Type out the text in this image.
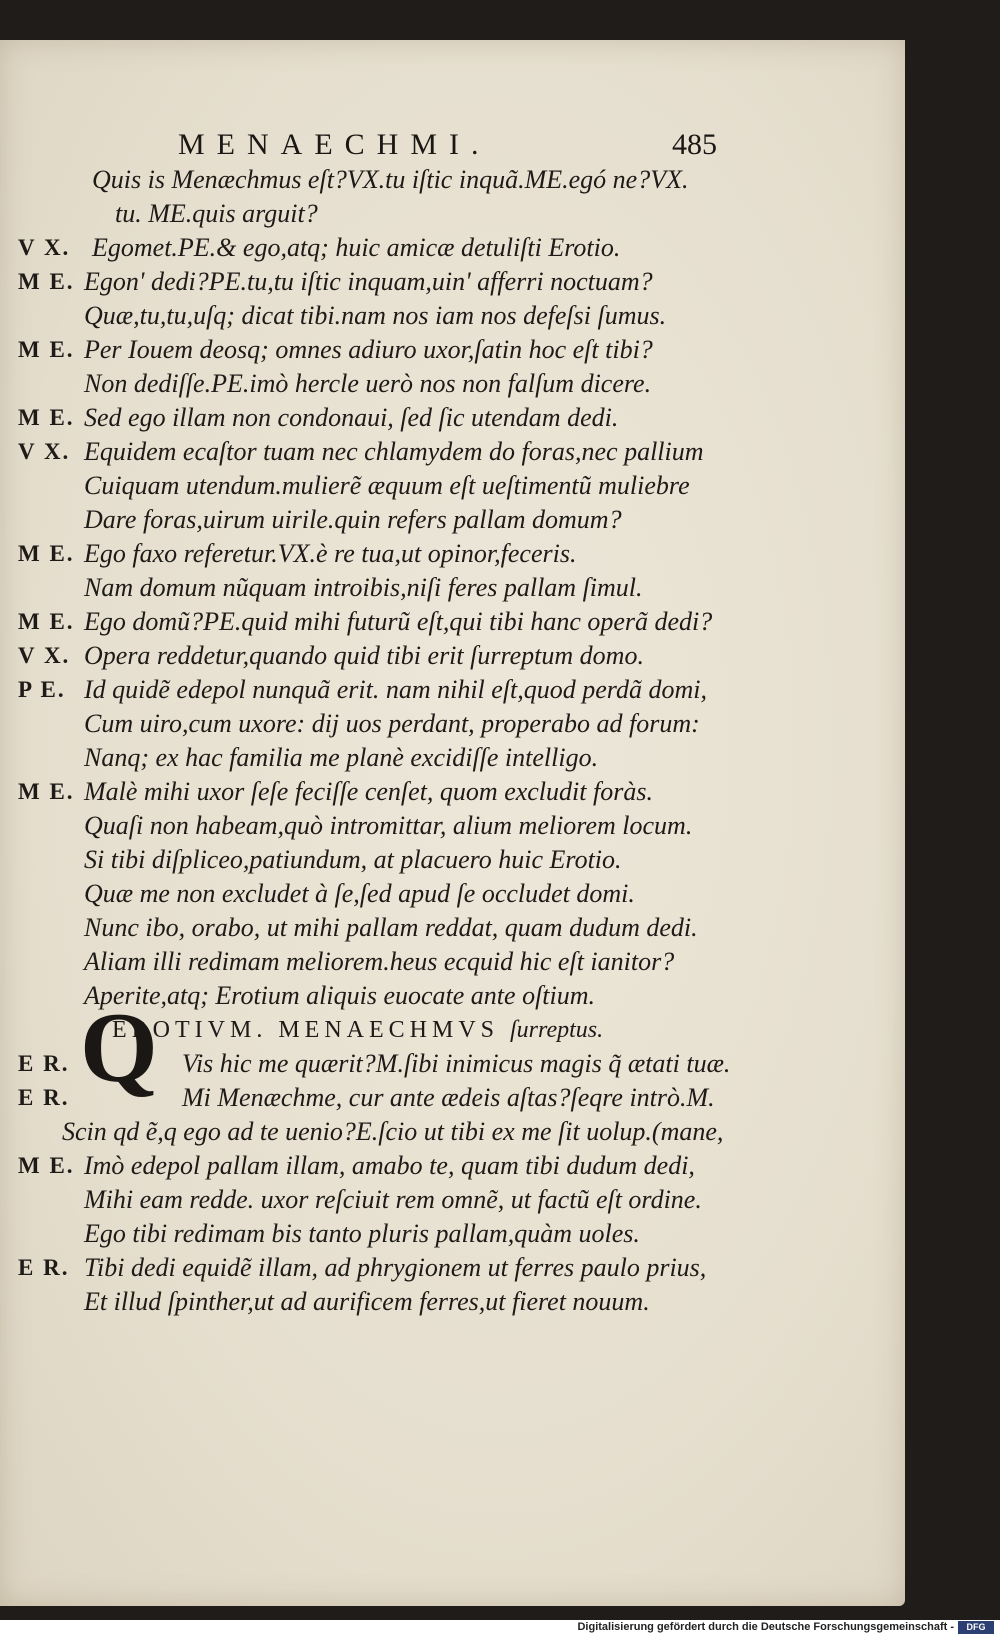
MENAECHMI.	485
Quis is Menæchmus eſt?VX.tu iſtic inquã.ME.egó ne?VX.
tu. ME.quis arguit?
V X. Egomet.PE.& ego,atq; huic amicæ detuliſti Erotio.
M E. Egon' dedi?PE.tu,tu iſtic inquam,uin' afferri noctuam?
Quæ,tu,tu,uſq; dicat tibi.nam nos iam nos defeſsi ſumus.
M E. Per Iouem deosq; omnes adiuro uxor,ſatin hoc eſt tibi?
Non dediſſe.PE.imò hercle uerò nos non falſum dicere.
M E. Sed ego illam non condonaui, ſed ſic utendam dedi.
V X. Equidem ecaſtor tuam nec chlamydem do foras,nec pallium
Cuiquam utendum.mulierẽ æquum eſt ueſtimentũ muliebre
Dare foras,uirum uirile.quin refers pallam domum?
M E. Ego faxo referetur.VX.è re tua,ut opinor,feceris.
Nam domum nũquam introibis,niſi feres pallam ſimul.
M E. Ego domũ?PE.quid mihi futurũ eſt,qui tibi hanc operã dedi?
V X. Opera reddetur,quando quid tibi erit ſurreptum domo.
P E. Id quidẽ edepol nunquã erit. nam nihil eſt,quod perdã domi,
Cum uiro,cum uxore: dij uos perdant, properabo ad forum:
Nanq; ex hac familia me planè excidiſſe intelligo.
M E. Malè mihi uxor ſeſe feciſſe cenſet, quom excludit foràs.
Quaſi non habeam,quò intromittar, alium meliorem locum.
Si tibi diſpliceo,patiundum, at placuero huic Erotio.
Quæ me non excludet à ſe,ſed apud ſe occludet domi.
Nunc ibo, orabo, ut mihi pallam reddat, quam dudum dedi.
Aliam illi redimam meliorem.heus ecquid hic eſt ianitor?
Aperite,atq; Erotium aliquis euocate ante oſtium.
EROTIVM. MENAECHMVS ſurreptus.
E R.	Vis hic me quærit?M.ſibi inimicus magis q̃ ætati tuæ.
E R.	Mi Menæchme, cur ante ædeis aſtas?ſeqre intrò.M.
Scin qd ẽ,q ego ad te uenio?E.ſcio ut tibi ex me ſit uolup.(mane,
M E. Imò edepol pallam illam, amabo te, quam tibi dudum dedi,
Mihi eam redde. uxor reſciuit rem omnẽ, ut factũ eſt ordine.
Ego tibi redimam bis tanto pluris pallam,quàm uoles.
E R. Tibi dedi equidẽ illam, ad phrygionem ut ferres paulo prius,
Et illud ſpinther,ut ad aurificem ferres,ut fieret nouum.
Q
Digitalisierung gefördert durch die Deutsche Forschungsgemeinschaft -	DFG
